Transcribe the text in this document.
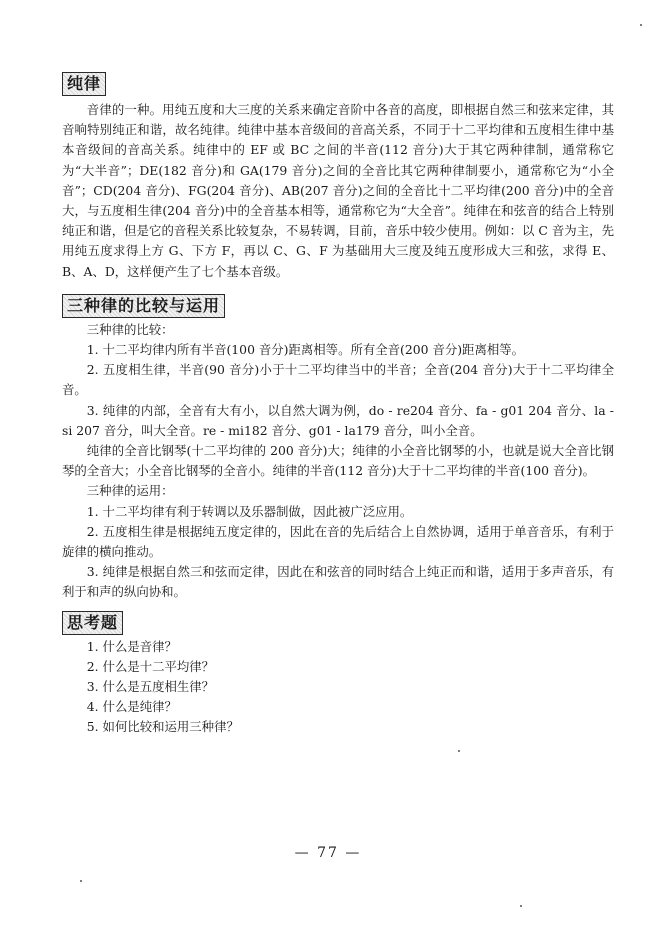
纯律

音律的一种。用纯五度和大三度的关系来确定音阶中各音的高度，即根据自然三和弦来定律，其音响特别纯正和谐，故名纯律。纯律中基本音级间的音高关系，不同于十二平均律和五度相生律中基本音级间的音高关系。纯律中的 EF 或 BC 之间的半音(112 音分)大于其它两种律制，通常称它为“大半音”；DE(182 音分)和 GA(179 音分)之间的全音比其它两种律制要小，通常称它为“小全音”；CD(204 音分)、FG(204 音分)、AB(207 音分)之间的全音比十二平均律(200 音分)中的全音大，与五度相生律(204 音分)中的全音基本相等，通常称它为“大全音”。纯律在和弦音的结合上特别纯正和谐，但是它的音程关系比较复杂，不易转调，目前，音乐中较少使用。例如：以 C 音为主，先用纯五度求得上方 G、下方 F，再以 C、G、F 为基础用大三度及纯五度形成大三和弦，求得 E、B、A、D，这样便产生了七个基本音级。

三种律的比较与运用

三种律的比较：

1. 十二平均律内所有半音(100 音分)距离相等。所有全音(200 音分)距离相等。

2. 五度相生律，半音(90 音分)小于十二平均律当中的半音；全音(204 音分)大于十二平均律全音。

3. 纯律的内部，全音有大有小，以自然大调为例，do - re204 音分、fa - g01 204 音分、la - si 207 音分，叫大全音。re - mi182 音分、g01 - la179 音分，叫小全音。

纯律的全音比钢琴(十二平均律的 200 音分)大；纯律的小全音比钢琴的小，也就是说大全音比钢琴的全音大；小全音比钢琴的全音小。纯律的半音(112 音分)大于十二平均律的半音(100 音分)。

三种律的运用：

1. 十二平均律有利于转调以及乐器制做，因此被广泛应用。

2. 五度相生律是根据纯五度定律的，因此在音的先后结合上自然协调，适用于单音音乐，有利于旋律的横向推动。

3. 纯律是根据自然三和弦而定律，因此在和弦音的同时结合上纯正而和谐，适用于多声音乐，有利于和声的纵向协和。

思考题

1. 什么是音律？

2. 什么是十二平均律？

3. 什么是五度相生律？

4. 什么是纯律？

5. 如何比较和运用三种律？

— 77 —
